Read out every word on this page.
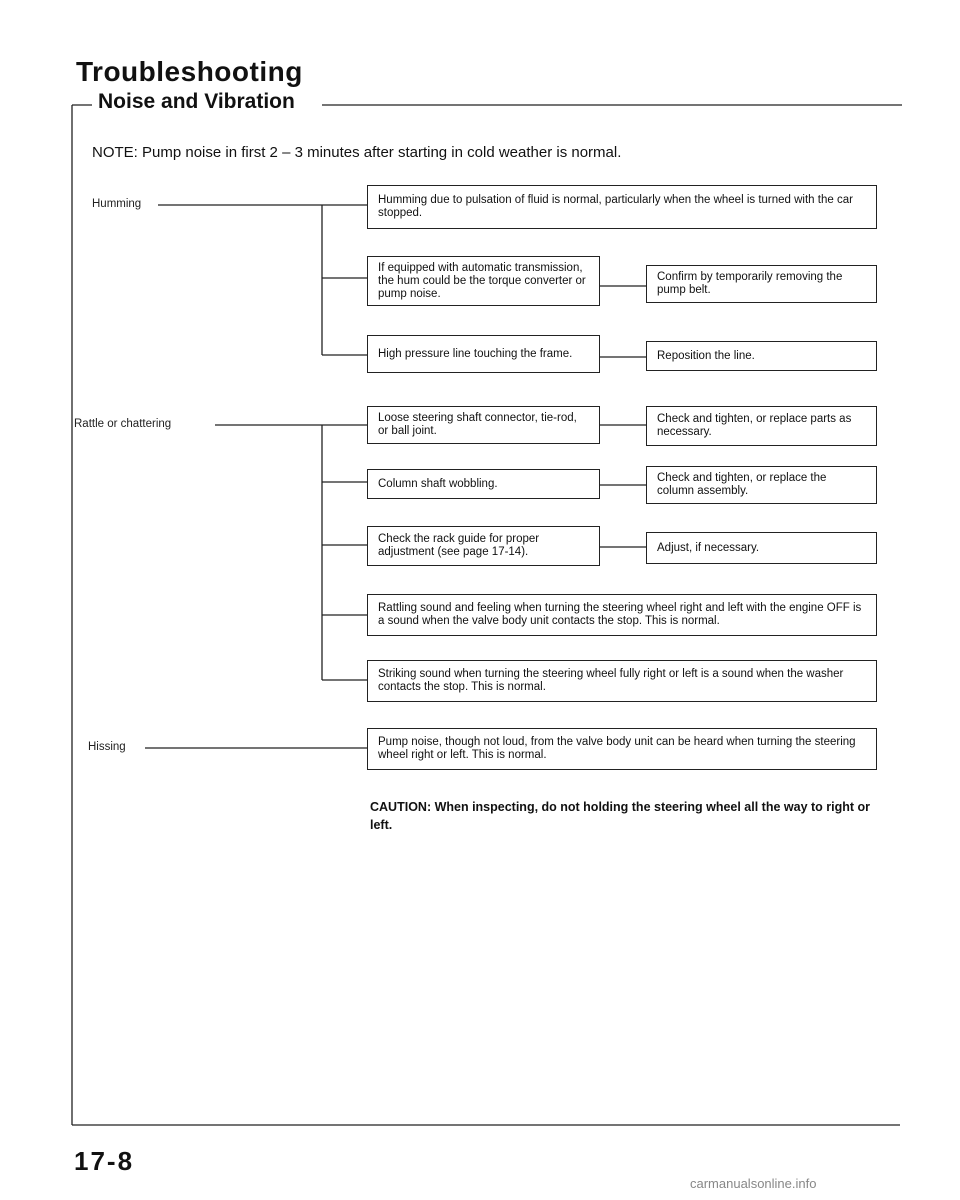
Troubleshooting
Noise and Vibration
NOTE: Pump noise in first 2 – 3 minutes after starting in cold weather is normal.
Humming
Rattle or chattering
Hissing
Humming due to pulsation of fluid is normal, particularly when the wheel is turned with the car stopped.
If equipped with automatic transmission, the hum could be the torque converter or pump noise.
Confirm by temporarily removing the pump belt.
High pressure line touching the frame.	Reposition the line.
Loose steering shaft connector, tie-rod, or ball joint.
Check and tighten, or replace parts as necessary.
Column shaft wobbling.	Check and tighten, or replace the column assembly.
Check the rack guide for proper adjustment (see page 17-14).	Adjust, if necessary.
Rattling sound and feeling when turning the steering wheel right and left with the engine OFF is a sound when the valve body unit contacts the stop. This is normal.
Striking sound when turning the steering wheel fully right or left is a sound when the washer contacts the stop. This is normal.
Pump noise, though not loud, from the valve body unit can be heard when turning the steering wheel right or left. This is normal.
CAUTION: When inspecting, do not holding the steering wheel all the way to right or left.
17-8
carmanualsonline.info
